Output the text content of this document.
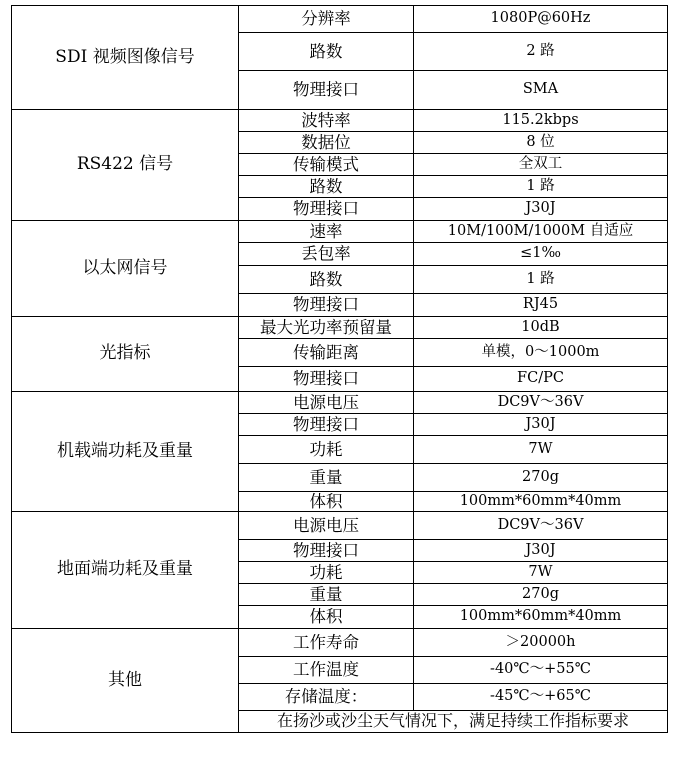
SDI 视频图像信号	分辨率	1080P@60Hz
	路数	2 路
	物理接口	SMA
RS422 信号	波特率	115.2kbps
	数据位	8 位
	传输模式	全双工
	路数	1 路
	物理接口	J30J
以太网信号	速率	10M/100M/1000M 自适应
	丢包率	≤1‰
	路数	1 路
	物理接口	RJ45
光指标	最大光功率预留量	10dB
	传输距离	单模，0～1000m
	物理接口	FC/PC
机载端功耗及重量	电源电压	DC9V～36V
	物理接口	J30J
	功耗	7W
	重量	270g
	体积	100mm*60mm*40mm
地面端功耗及重量	电源电压	DC9V～36V
	物理接口	J30J
	功耗	7W
	重量	270g
	体积	100mm*60mm*40mm
其他	工作寿命	＞20000h
	工作温度	-40℃～+55℃
	存储温度：	-45℃～+65℃
	在扬沙或沙尘天气情况下，满足持续工作指标要求	
